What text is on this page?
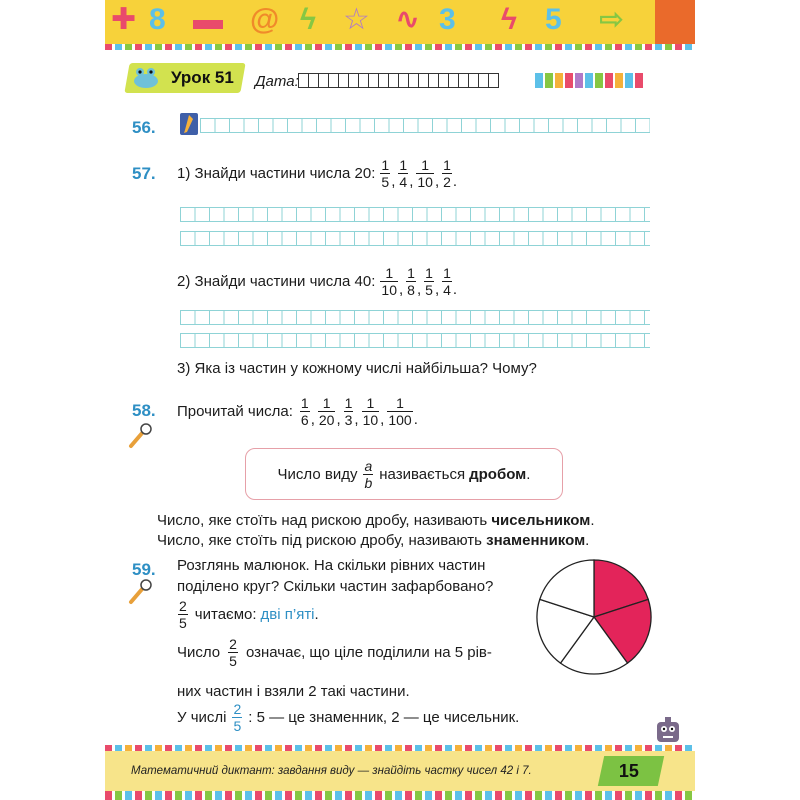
✚ 8 ▬ @ ϟ ☆ ∿ 3 ϟ 5 ⇨
Урок 51 Дата:
56.
57. 1) Знайди частини числа 20: $\frac{1}{5}$ , $\frac{1}{4}$ , $\frac{1}{10}$ , $\frac{1}{2}$ .
2) Знайди частини числа 40: $\frac{1}{10}$ , $\frac{1}{8}$ , $\frac{1}{5}$ , $\frac{1}{4}$ .
3) Яка із частин у кожному числі найбільша? Чому?
58. Прочитай числа: $\frac{1}{6}$ , $\frac{1}{20}$ , $\frac{1}{3}$ , $\frac{1}{10}$ , $\frac{1}{100}$ .
Число виду $\frac{a}{b}$ називається дробом .
Число, яке стоїть над рискою дробу, називають чисельником.
Число, яке стоїть під рискою дробу, називають знаменником.
59. Розглянь малюнок. На скільки рівних частин
поділено круг? Скільки частин зафарбовано?
$\frac{2}{5}$ читаємо: дві п’яті .
Число $\frac{2}{5}$ означає, що ціле поділили на 5 рів-
них частин і взяли 2 такі частини.
У числі $\frac{2}{5}$ : 5 — це знаменник, 2 — це чисельник.
Математичний диктант: завдання виду — знайдіть частку чисел 42 і 7.	15
